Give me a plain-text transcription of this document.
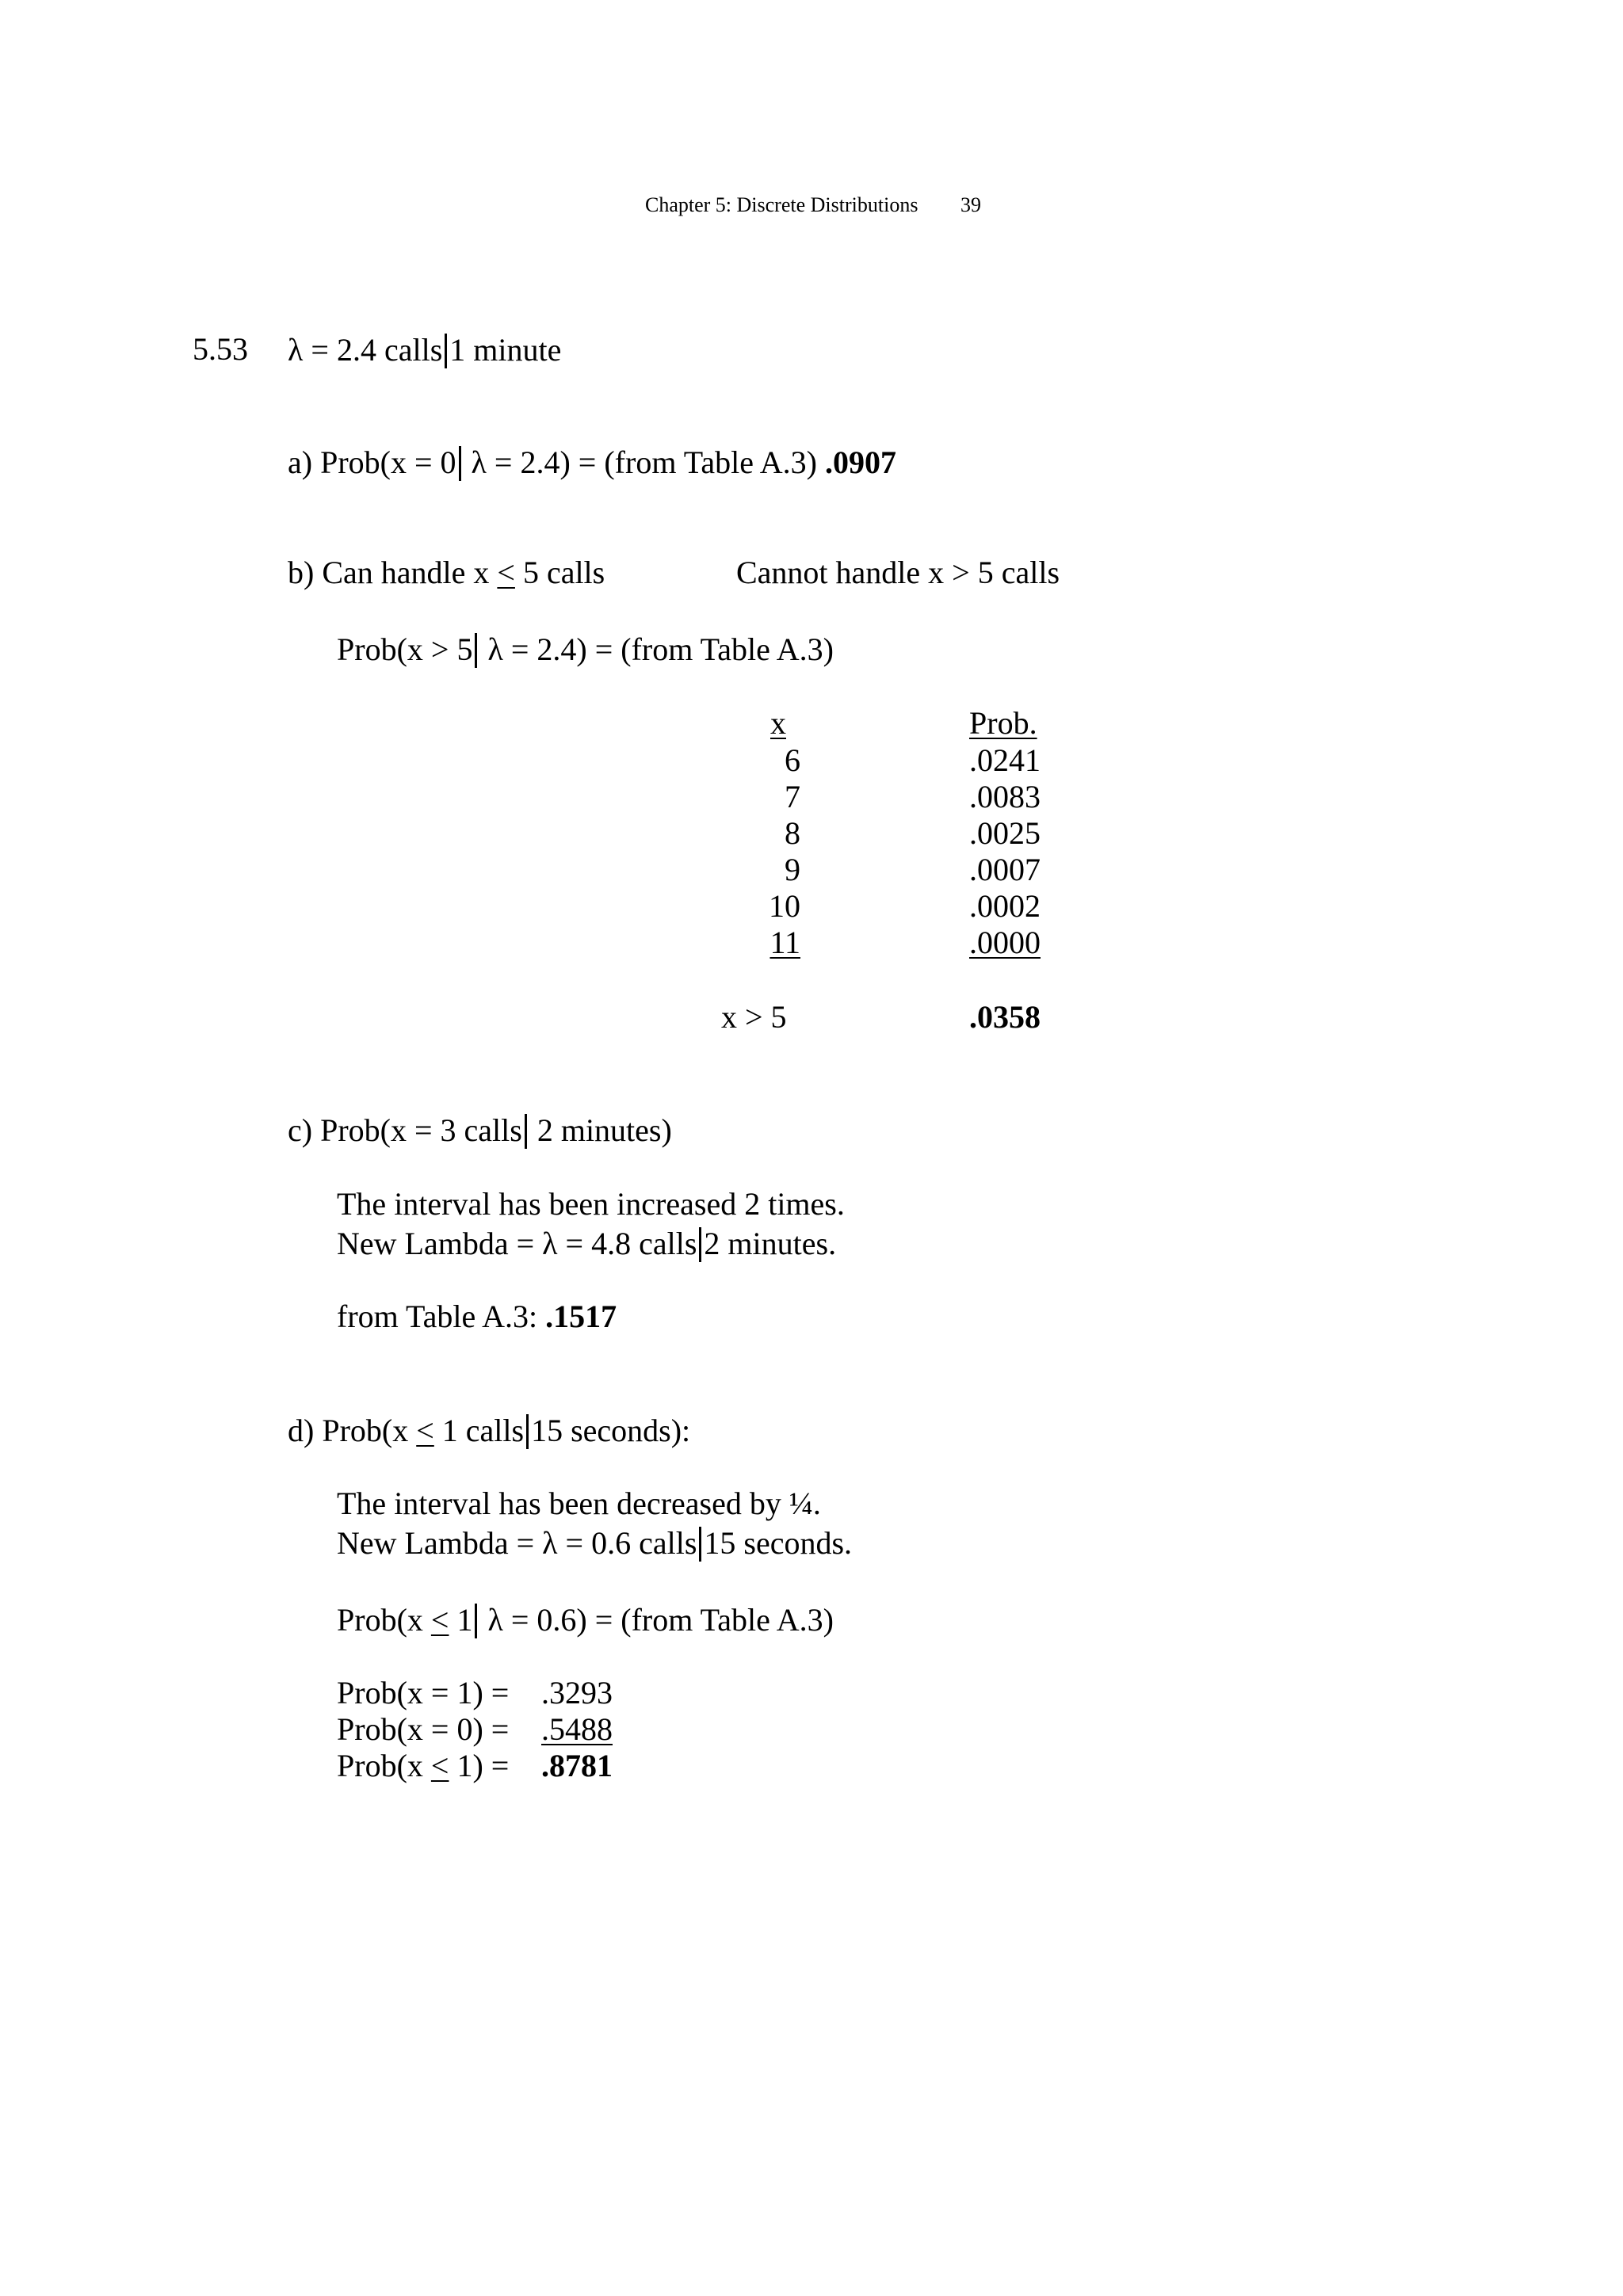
Chapter 5: Discrete Distributions 39
5.53 λ = 2.4 calls 1 minute
a) Prob(x = 0 λ = 2.4) = (from Table A.3) .0907
b) Can handle x < 5 calls	Cannot handle x > 5 calls
Prob(x > 5 λ = 2.4) = (from Table A.3)
x	Prob.
6	.0241
7	.0083
8	.0025
9	.0007
10	.0002
11	.0000
x > 5	.0358
c) Prob(x = 3 calls 2 minutes)
The interval has been increased 2 times.
New Lambda = λ = 4.8 calls 2 minutes.
from Table A.3: .1517
d) Prob(x < 1 calls 15 seconds):
The interval has been decreased by ¼.
New Lambda = λ = 0.6 calls 15 seconds.
Prob(x < 1 λ = 0.6) = (from Table A.3)
Prob(x = 1) = .3293
Prob(x = 0) = .5488
Prob(x < 1) = .8781
